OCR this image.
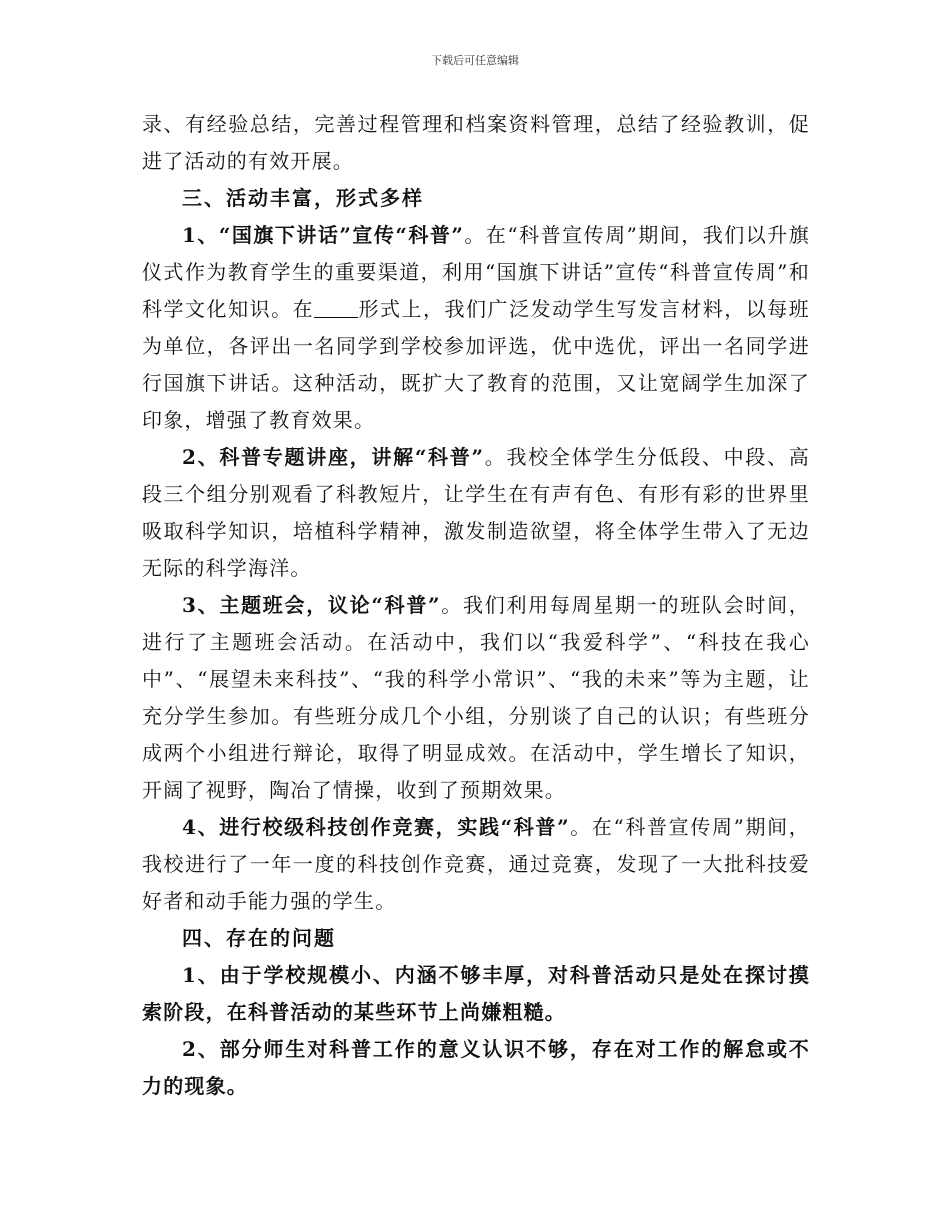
下载后可任意编辑

录、有经验总结，完善过程管理和档案资料管理，总结了经验教训，促进了活动的有效开展。

三、活动丰富，形式多样

1、“国旗下讲话”宣传“科普”。在“科普宣传周”期间，我们以升旗仪式作为教育学生的重要渠道，利用“国旗下讲话”宣传“科普宣传周”和科学文化知识。在 形式上，我们广泛发动学生写发言材料，以每班为单位，各评出一名同学到学校参加评选，优中选优，评出一名同学进行国旗下讲话。这种活动，既扩大了教育的范围，又让宽阔学生加深了印象，增强了教育效果。

2、科普专题讲座，讲解“科普”。我校全体学生分低段、中段、高段三个组分别观看了科教短片，让学生在有声有色、有形有彩的世界里吸取科学知识，培植科学精神，激发制造欲望，将全体学生带入了无边无际的科学海洋。

3、主题班会，议论“科普”。我们利用每周星期一的班队会时间，进行了主题班会活动。在活动中，我们以“我爱科学”、“科技在我心中”、“展望未来科技”、“我的科学小常识”、“我的未来”等为主题，让充分学生参加。有些班分成几个小组，分别谈了自己的认识；有些班分成两个小组进行辩论，取得了明显成效。在活动中，学生增长了知识，开阔了视野，陶冶了情操，收到了预期效果。

4、进行校级科技创作竞赛，实践“科普”。在“科普宣传周”期间，我校进行了一年一度的科技创作竞赛，通过竞赛，发现了一大批科技爱好者和动手能力强的学生。

四、存在的问题

1、由于学校规模小、内涵不够丰厚，对科普活动只是处在探讨摸索阶段，在科普活动的某些环节上尚嫌粗糙。

2、部分师生对科普工作的意义认识不够，存在对工作的解怠或不力的现象。
